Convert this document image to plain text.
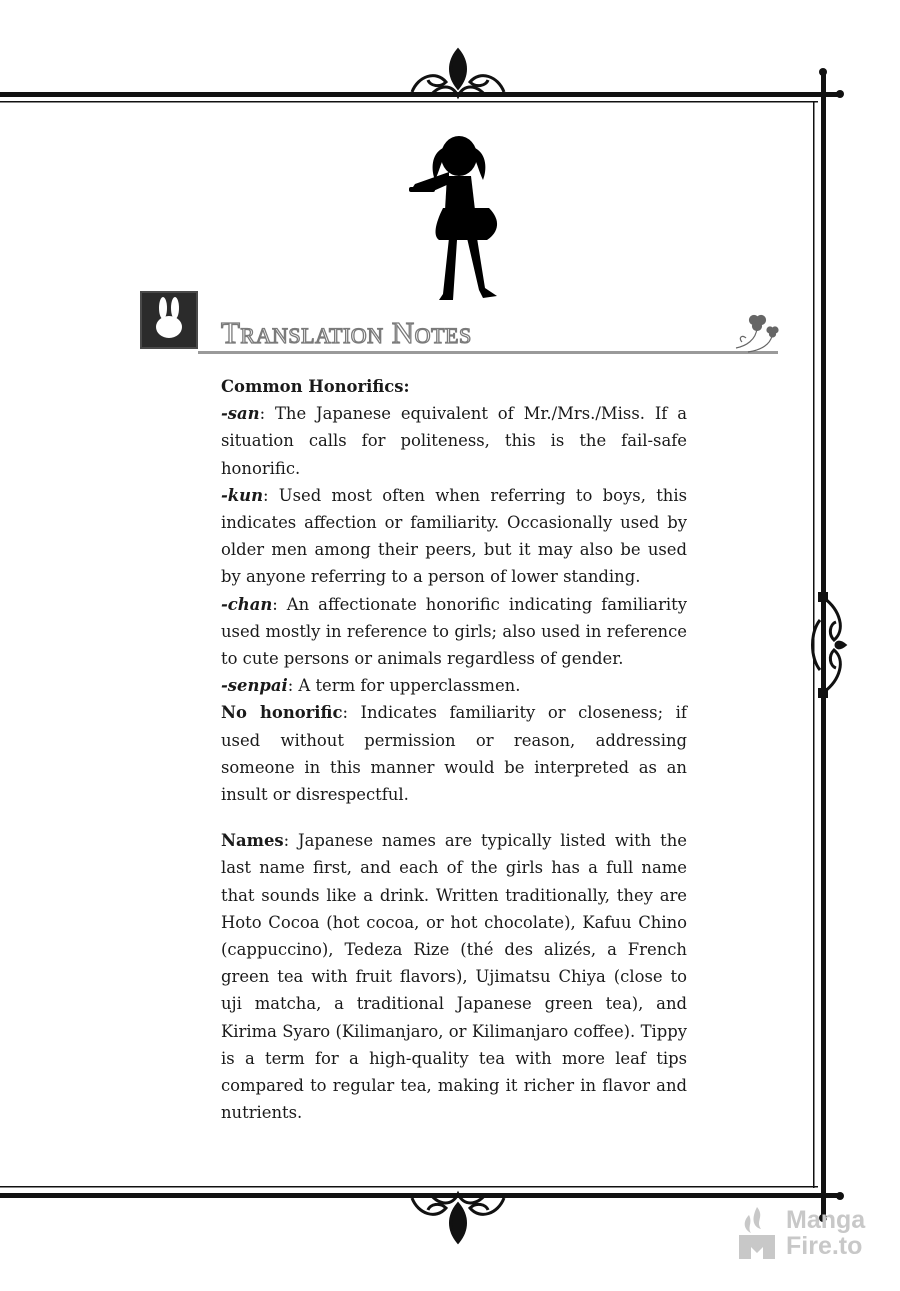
Translation Notes

Common Honorifics:

-san: The Japanese equivalent of Mr./Mrs./Miss. If a situation calls for politeness, this is the fail-safe honorific.

-kun: Used most often when referring to boys, this indicates affection or familiarity. Occasionally used by older men among their peers, but it may also be used by anyone referring to a person of lower standing.

-chan: An affectionate honorific indicating familiarity used mostly in reference to girls; also used in reference to cute persons or animals regardless of gender.

-senpai: A term for upperclassmen.

No honorific: Indicates familiarity or closeness; if used without permission or reason, addressing someone in this manner would be interpreted as an insult or disrespectful.

Names: Japanese names are typically listed with the last name first, and each of the girls has a full name that sounds like a drink. Written traditionally, they are Hoto Cocoa (hot cocoa, or hot chocolate), Kafuu Chino (cappuccino), Tedeza Rize (thé des alizés, a French green tea with fruit flavors), Ujimatsu Chiya (close to uji matcha, a traditional Japanese green tea), and Kirima Syaro (Kilimanjaro, or Kilimanjaro coffee). Tippy is a term for a high-quality tea with more leaf tips compared to regular tea, making it richer in flavor and nutrients.

Manga
Fire.to
